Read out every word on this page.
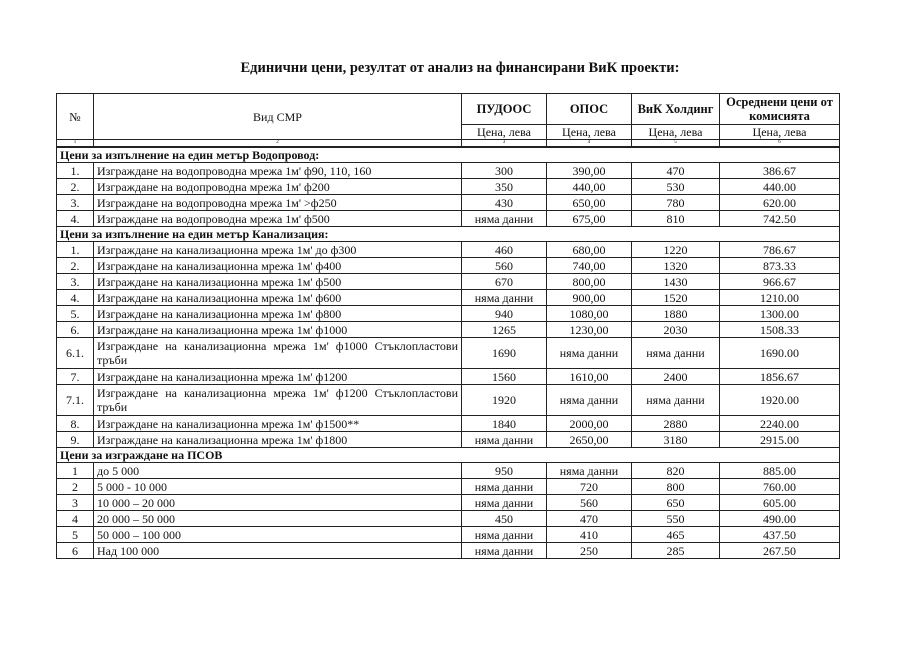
Единични цени, резултат от анализ на финансирани ВиК проекти:
№	Вид СМР	ПУДООС	ОПОС	ВиК Холдинг	Осреднени цени от комисията
		Цена, лева	Цена, лева	Цена, лева	Цена, лева
1	2	3	4	5	6
Цени за изпълнение на един метър Водопровод:					
1.	Изграждане на водопроводна мрежа 1м' ф90, 110, 160	300	390,00	470	386.67
2.	Изграждане на водопроводна мрежа 1м' ф200	350	440,00	530	440.00
3.	Изграждане на водопроводна мрежа 1м' >ф250	430	650,00	780	620.00
4.	Изграждане на водопроводна мрежа 1м' ф500	няма данни	675,00	810	742.50
Цени за изпълнение на един метър Канализация:					
1.	Изграждане на канализационна мрежа 1м' до ф300	460	680,00	1220	786.67
2.	Изграждане на канализационна мрежа 1м' ф400	560	740,00	1320	873.33
3.	Изграждане на канализационна мрежа 1м' ф500	670	800,00	1430	966.67
4.	Изграждане на канализационна мрежа 1м' ф600	няма данни	900,00	1520	1210.00
5.	Изграждане на канализационна мрежа 1м' ф800	940	1080,00	1880	1300.00
6.	Изграждане на канализационна мрежа 1м' ф1000	1265	1230,00	2030	1508.33
6.1.	Изграждане на канализационна мрежа 1м' ф1000 Стъклопластови тръби	1690	няма данни	няма данни	1690.00
7.	Изграждане на канализационна мрежа 1м' ф1200	1560	1610,00	2400	1856.67
7.1.	Изграждане на канализационна мрежа 1м' ф1200 Стъклопластови тръби	1920	няма данни	няма данни	1920.00
8.	Изграждане на канализационна мрежа 1м' ф1500**	1840	2000,00	2880	2240.00
9.	Изграждане на канализационна мрежа 1м' ф1800	няма данни	2650,00	3180	2915.00
Цени за изграждане на ПСОВ					
1	до 5 000	950	няма данни	820	885.00
2	5 000 - 10 000	няма данни	720	800	760.00
3	10 000 – 20 000	няма данни	560	650	605.00
4	20 000 – 50 000	450	470	550	490.00
5	50 000 – 100 000	няма данни	410	465	437.50
6	Над 100 000	няма данни	250	285	267.50
